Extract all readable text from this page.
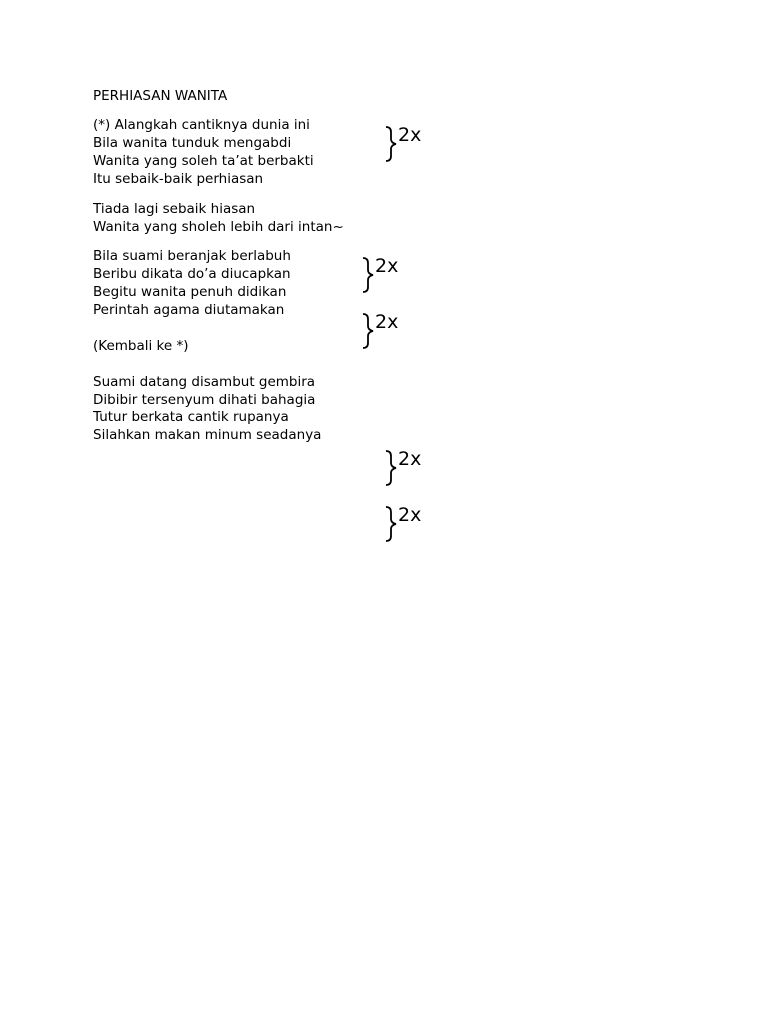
PERHIASAN WANITA
(*) Alangkah cantiknya dunia ini
Bila wanita tunduk mengabdi
Wanita yang soleh ta’at berbakti
Itu sebaik-baik perhiasan
Tiada lagi sebaik hiasan
Wanita yang sholeh lebih dari intan~
Bila suami beranjak berlabuh
Beribu dikata do’a diucapkan
Begitu wanita penuh didikan
Perintah agama diutamakan
(Kembali ke *)
Suami datang disambut gembira
Dibibir tersenyum dihati bahagia
Tutur berkata cantik rupanya
Silahkan makan minum seadanya
2x
2x
2x
2x
2x
